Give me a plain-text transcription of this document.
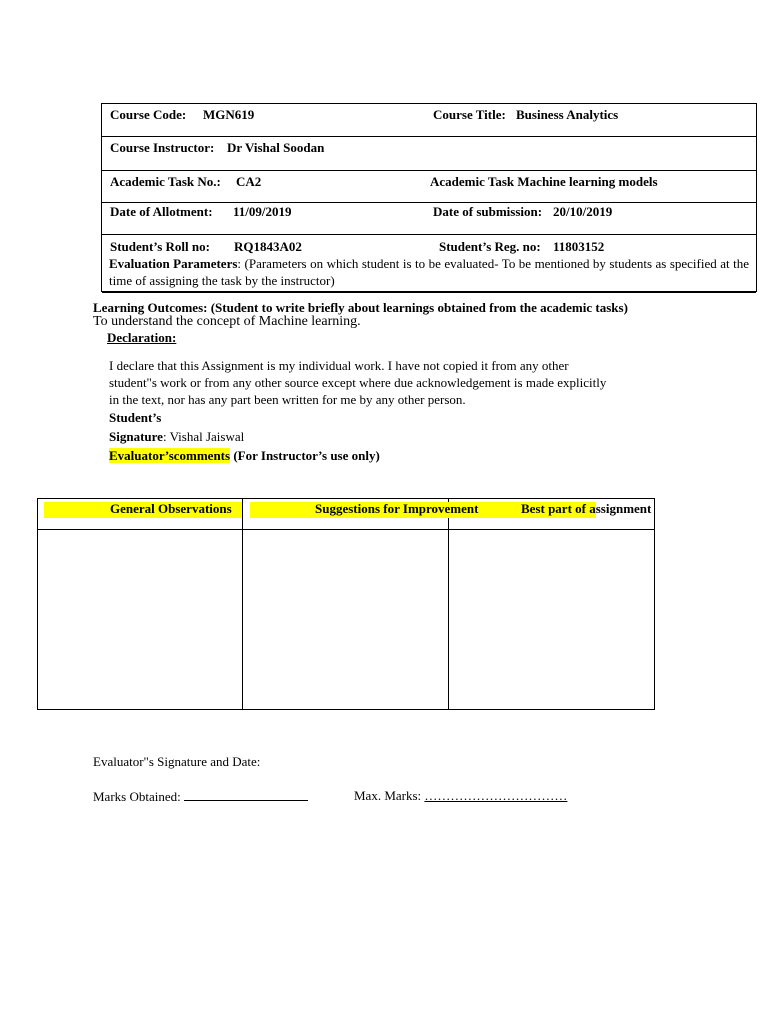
Course Code: MGN619	Course Title: Business Analytics
Course Instructor: Dr Vishal Soodan
Academic Task No.: CA2	Academic Task Machine learning models
Date of Allotment: 11/09/2019	Date of submission: 20/10/2019
Student’s Roll no: RQ1843A02	Student’s Reg. no: 11803152
Evaluation Parameters: (Parameters on which student is to be evaluated- To be mentioned by students as specified at the time of assigning the task by the instructor)
Learning Outcomes: (Student to write briefly about learnings obtained from the academic tasks)
To understand the concept of Machine learning.
Declaration:
I declare that this Assignment is my individual work. I have not copied it from any other
student"s work or from any other source except where due acknowledgement is made explicitly
in the text, nor has any part been written for me by any other person.
Student’s
Signature: Vishal Jaiswal
Evaluator’scomments (For Instructor’s use only)
General Observations	Suggestions for Improvement	Best part of assignment
Evaluator"s Signature and Date:
Marks Obtained:	Max. Marks: ……………………………
